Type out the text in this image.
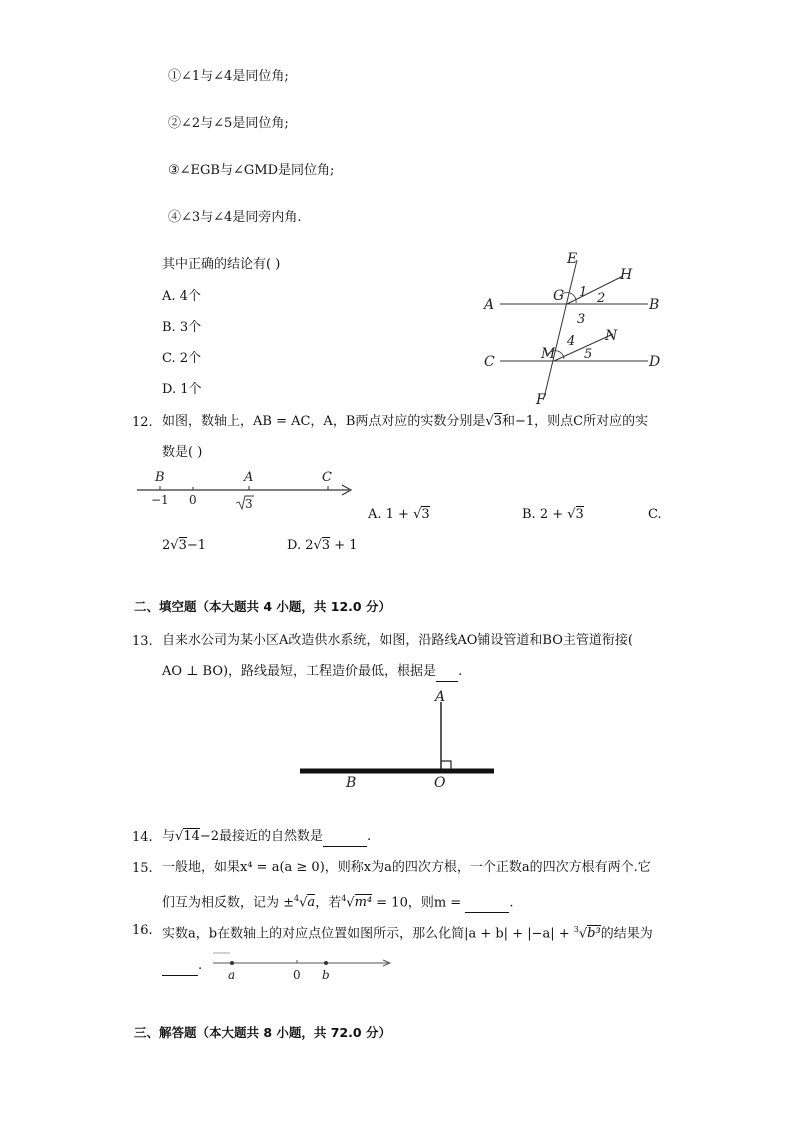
①∠1与∠4是同位角;
②∠2与∠5是同位角;
③∠EGB与∠GMD是同位角;
④∠3与∠4是同旁内角.
其中正确的结论有( )
A. 4个
B. 3个
C. 2个
D. 1个
E
H
A
G 1 2	B
3
N
C	M
4
5	D
F
12. 如图，数轴上，AB = AC，A，B两点对应的实数分别是√3和−1，则点C所对应的实
数是( )
B	A	C
−1 0	3
A. 1 + √3	B. 2 + √3	C.
2√3−1	D. 2√3 + 1
二、填空题（本大题共 4 小题，共 12.0 分）
13. 自来水公司为某小区A改造供水系统，如图，沿路线AO铺设管道和BO主管道衔接(
AO ⊥ BO)，路线最短，工程造价最低，根据是 .
A
B	O
14. 与√14−2最接近的自然数是	.
15. 一般地，如果x⁴ = a(a ≥ 0)，则称x为a的四次方根，一个正数a的四次方根有两个.它
们互为相反数，记为 ±$^4$√a，若$^4$√m⁴ = 10，则m =	.
16. 实数a，b在数轴上的对应点位置如图所示，那么化简|a + b| + |−a| + $^3$√b³的结果为
.
a	0 b
三、解答题（本大题共 8 小题，共 72.0 分）
